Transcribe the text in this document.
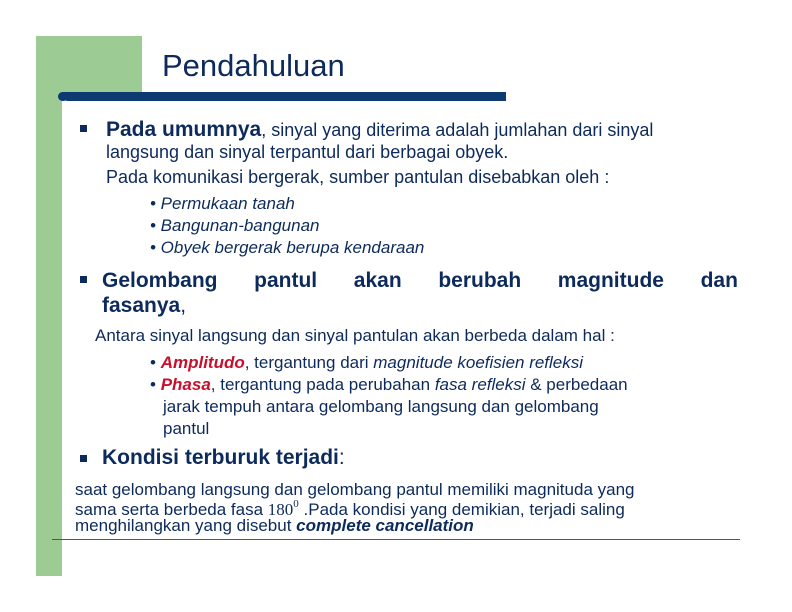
Pendahuluan
Pada umumnya, sinyal yang diterima adalah jumlahan dari sinyal
langsung dan sinyal terpantul dari berbagai obyek.
Pada komunikasi bergerak, sumber pantulan disebabkan oleh :
• Permukaan tanah
• Bangunan-bangunan
• Obyek bergerak berupa kendaraan
Gelombang pantul akan berubah magnitude dan
fasanya,
Antara sinyal langsung dan sinyal pantulan akan berbeda dalam hal :
• Amplitudo, tergantung dari magnitude koefisien refleksi
• Phasa, tergantung pada perubahan fasa refleksi & perbedaan
jarak tempuh antara gelombang langsung dan gelombang
pantul
Kondisi terburuk terjadi:
saat gelombang langsung dan gelombang pantul memiliki magnituda yang
sama serta berbeda fasa $180^0$ .Pada kondisi yang demikian, terjadi saling
menghilangkan yang disebut complete cancellation
